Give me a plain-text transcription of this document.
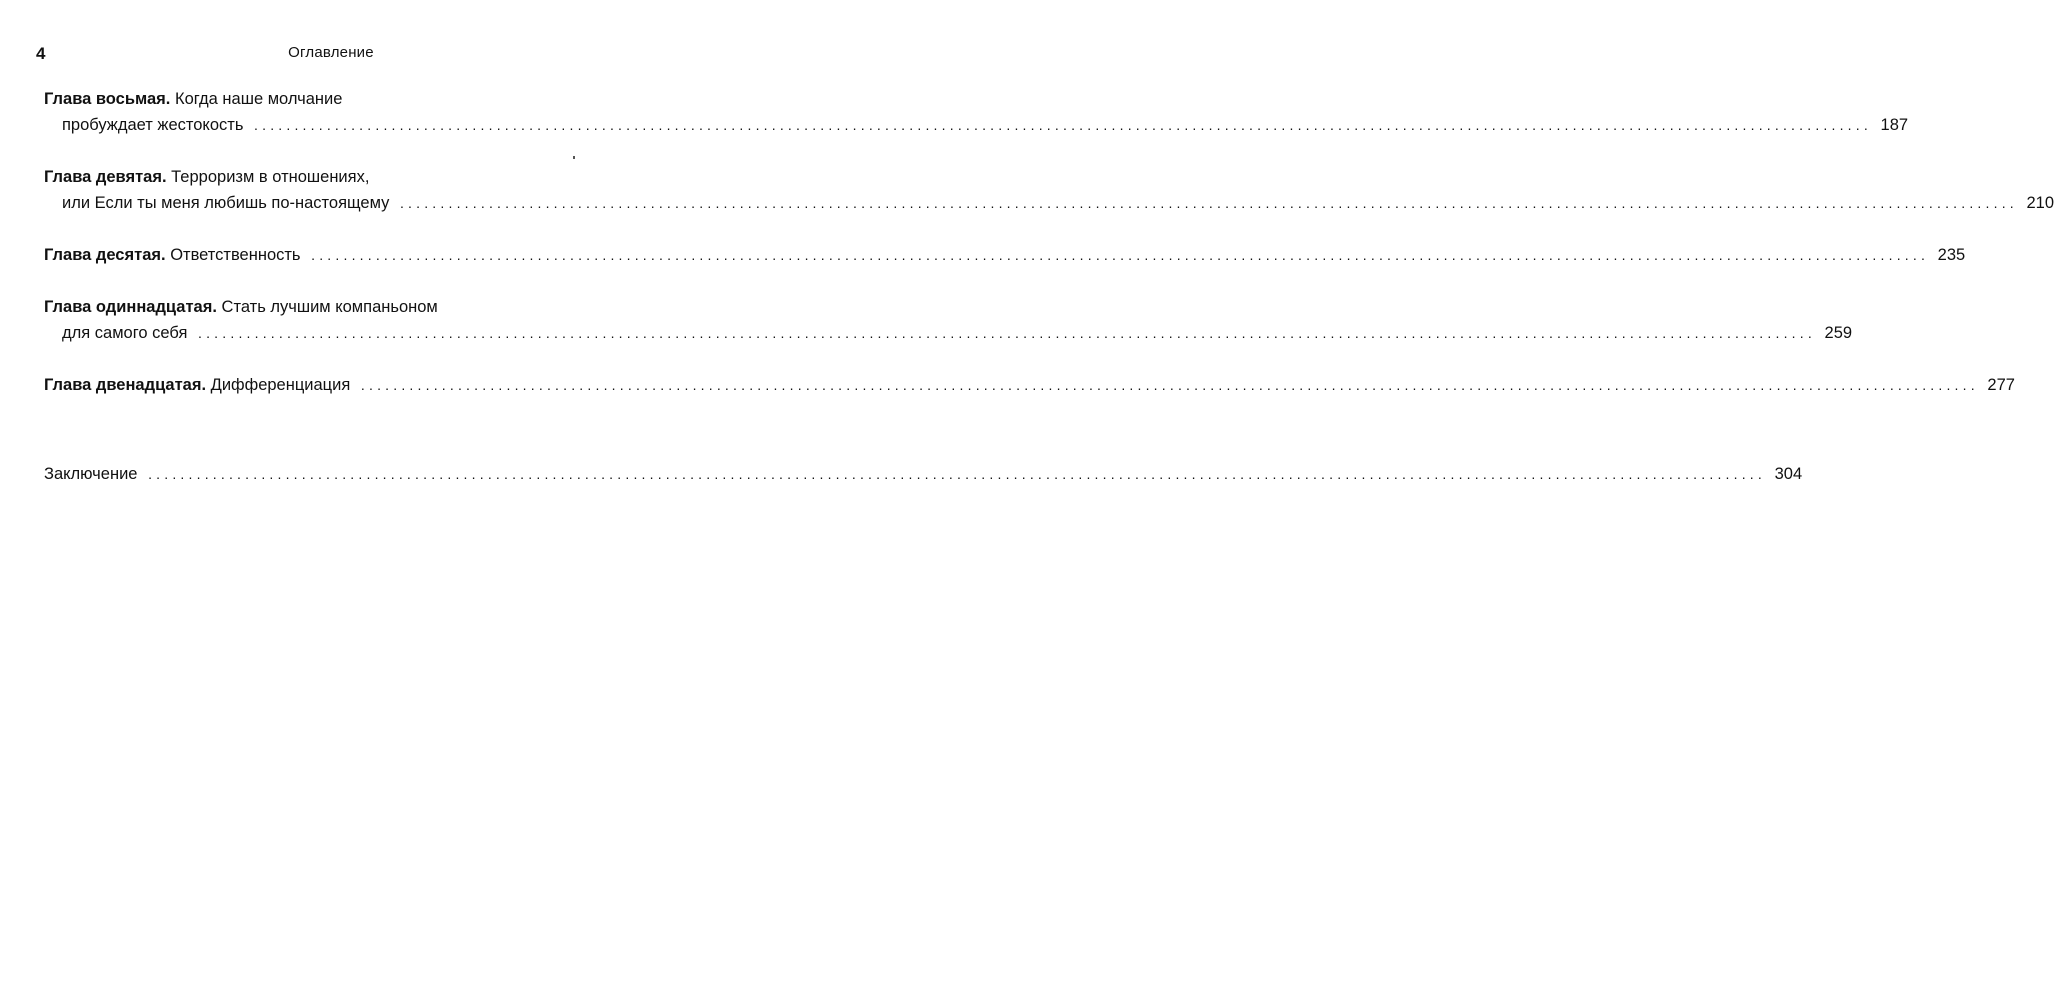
4	Оглавление
Глава восьмая. Когда наше молчание
пробуждает жестокость ........................................................................................................................................................................................................ 187
Глава девятая. Терроризм в отношениях,
или Если ты меня любишь по-настоящему ........................................................................................................................................................................................................ 210
Глава десятая. Ответственность ........................................................................................................................................................................................................ 235
Глава одиннадцатая. Стать лучшим компаньоном
для самого себя ........................................................................................................................................................................................................ 259
Глава двенадцатая. Дифференциация ........................................................................................................................................................................................................ 277
Заключение ........................................................................................................................................................................................................ 304
